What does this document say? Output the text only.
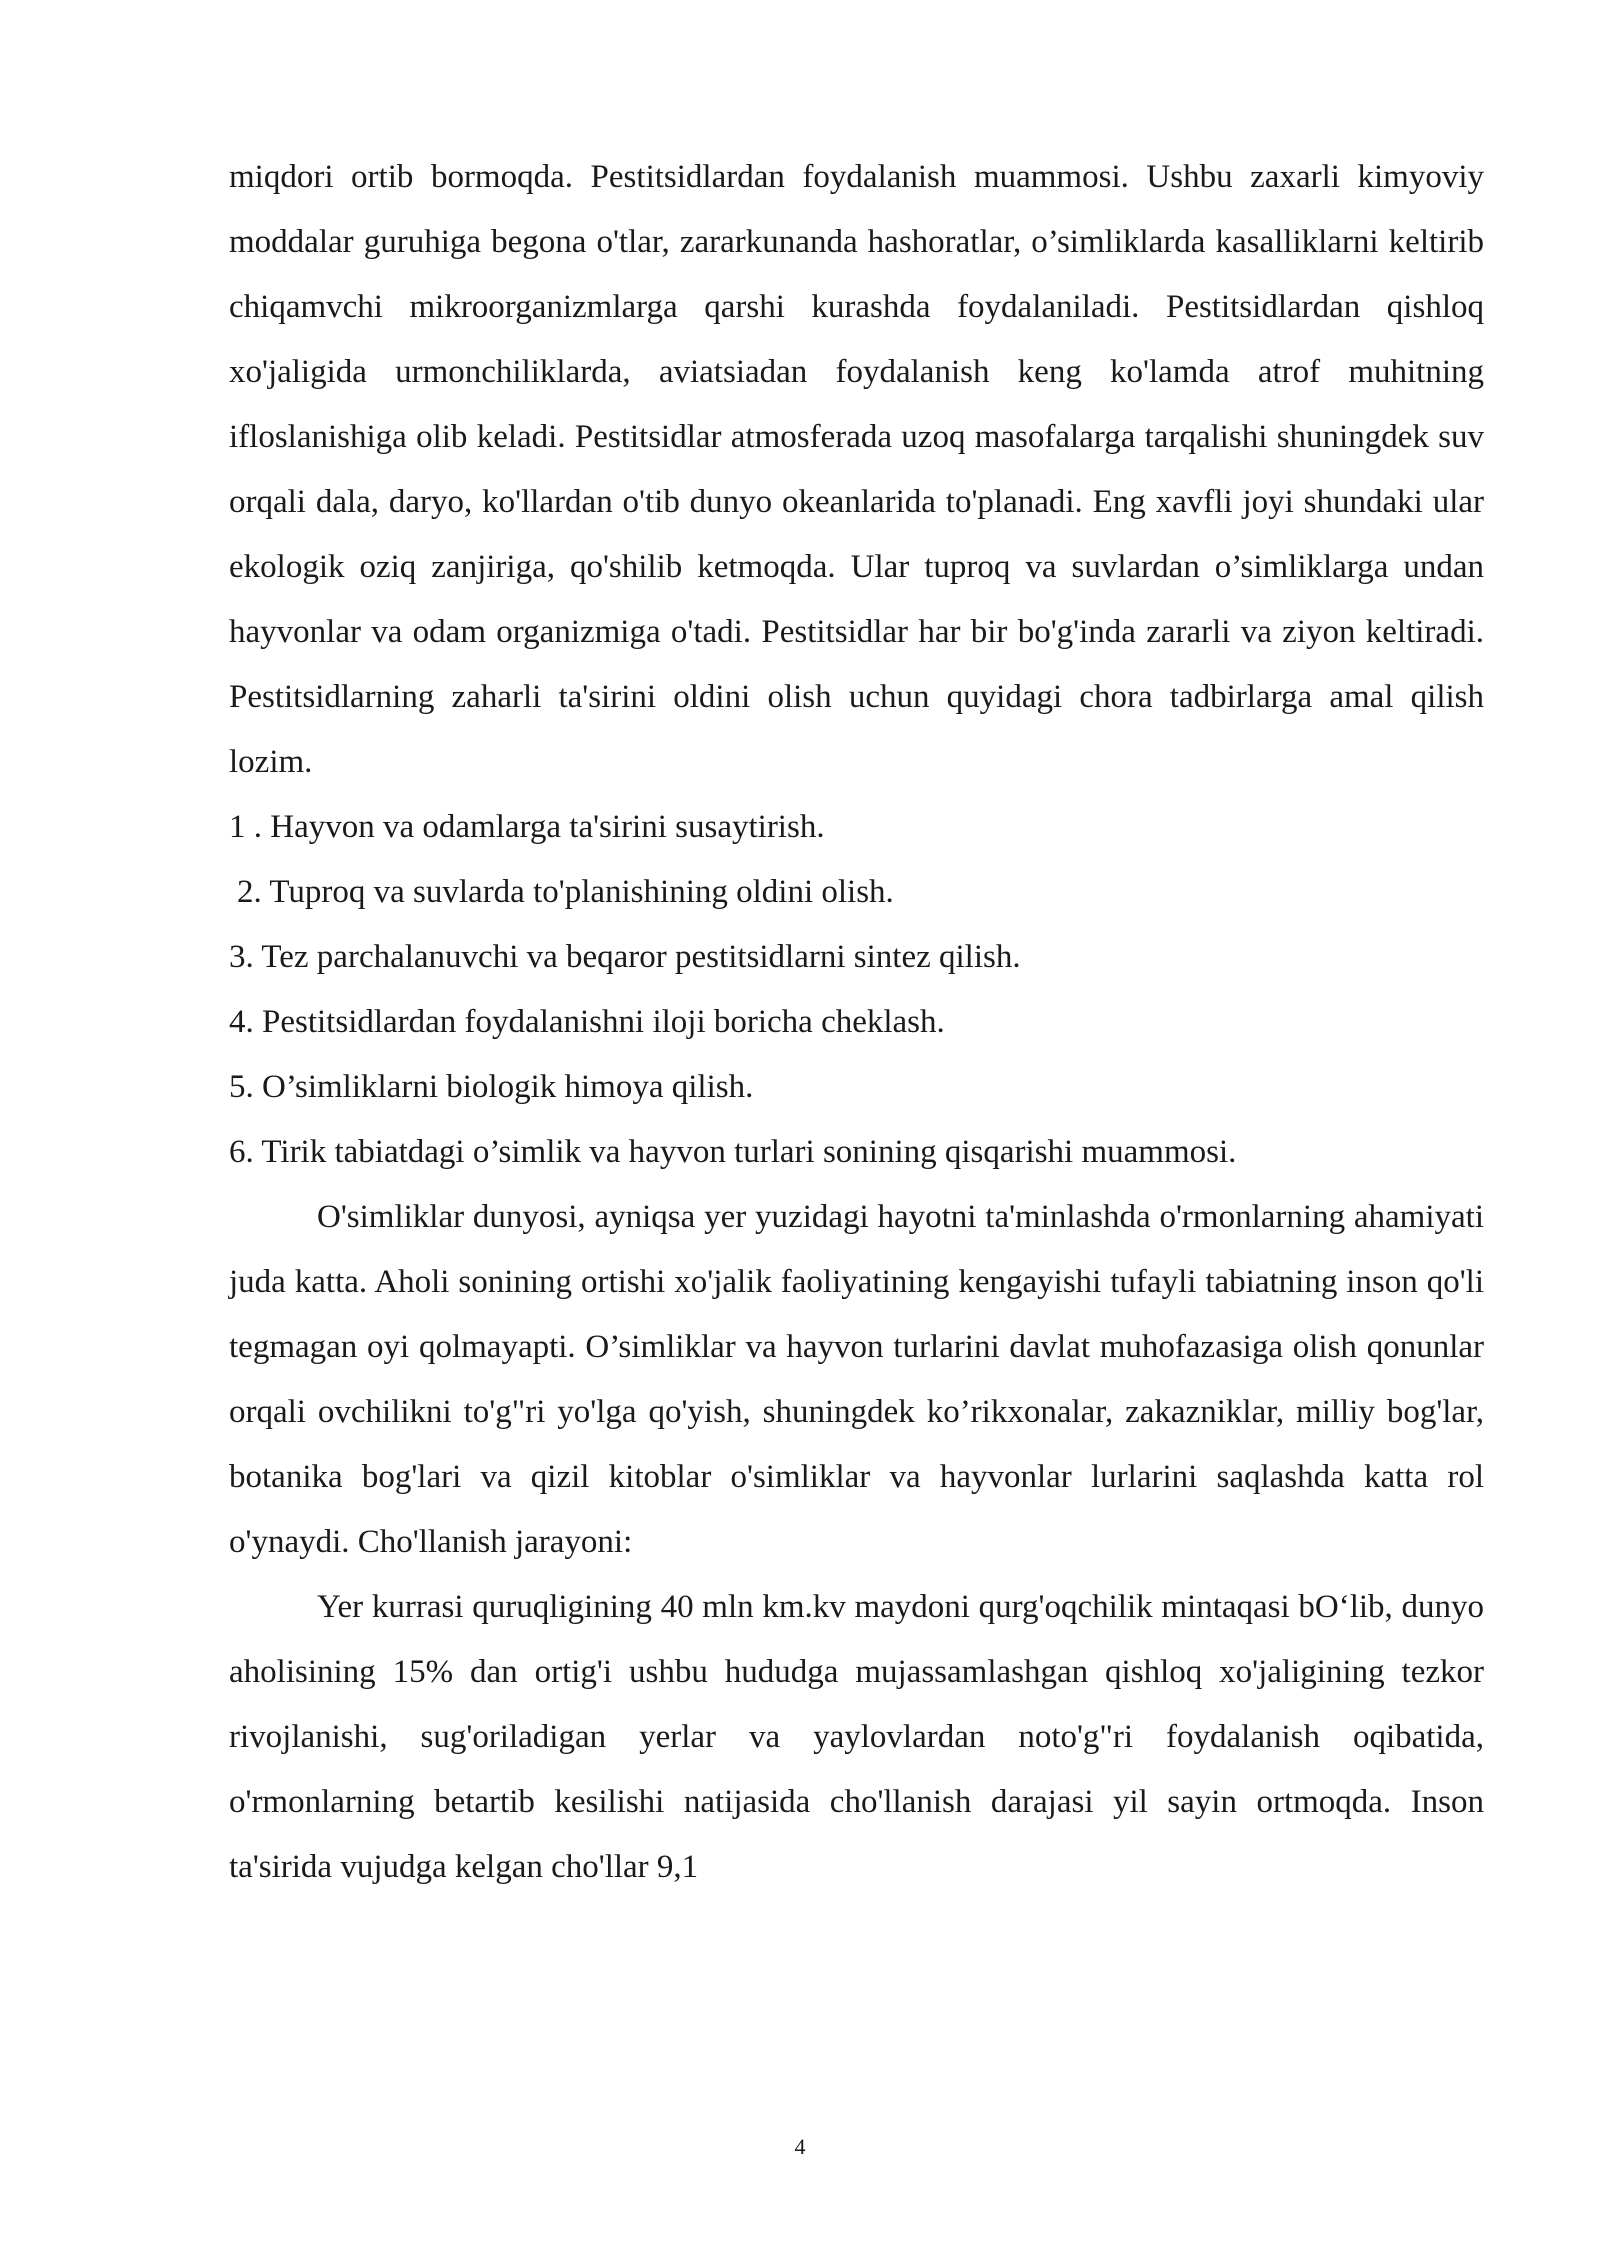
miqdori ortib bormoqda. Pestitsidlardan foydalanish muammosi. Ushbu zaxarli kimyoviy moddalar guruhiga begona o'tlar, zararkunanda hashoratlar, o’simliklarda kasalliklarni keltirib chiqamvchi mikroorganizmlarga qarshi kurashda foydalaniladi. Pestitsidlardan qishloq xo'jaligida urmonchiliklarda, aviatsiadan foydalanish keng ko'lamda atrof muhitning ifloslanishiga olib keladi. Pestitsidlar atmosferada uzoq masofalarga tarqalishi shuningdek suv orqali dala, daryo, ko'llardan o'tib dunyo okeanlarida to'planadi. Eng xavfli joyi shundaki ular ekologik oziq zanjiriga, qo'shilib ketmoqda. Ular tuproq va suvlardan o’simliklarga undan hayvonlar va odam organizmiga o'tadi. Pestitsidlar har bir bo'g'inda zararli va ziyon keltiradi. Pestitsidlarning zaharli ta'sirini oldini olish uchun quyidagi chora tadbirlarga amal qilish lozim.

1 . Hayvon va odamlarga ta'sirini susaytirish.

2. Tuproq va suvlarda to'planishining oldini olish.

3. Tez parchalanuvchi va beqaror pestitsidlarni sintez qilish.

4. Pestitsidlardan foydalanishni iloji boricha cheklash.

5. O’simliklarni biologik himoya qilish.

6. Tirik tabiatdagi o’simlik va hayvon turlari sonining qisqarishi muammosi.

O'simliklar dunyosi, ayniqsa yer yuzidagi hayotni ta'minlashda o'rmonlarning ahamiyati juda katta. Aholi sonining ortishi xo'jalik faoliyatining kengayishi tufayli tabiatning inson qo'li tegmagan oyi qolmayapti. O’simliklar va hayvon turlarini davlat muhofazasiga olish qonunlar orqali ovchilikni to'g"ri yo'lga qo'yish, shuningdek ko’rikxonalar, zakazniklar, milliy bog'lar, botanika bog'lari va qizil kitoblar o'simliklar va hayvonlar lurlarini saqlashda katta rol o'ynaydi. Cho'llanish jarayoni:

Yer kurrasi quruqligining 40 mln km.kv maydoni qurg'oqchilik mintaqasi bO‘lib, dunyo aholisining 15% dan ortig'i ushbu hududga mujassamlashgan qishloq xo'jaligining tezkor rivojlanishi, sug'oriladigan yerlar va yaylovlardan noto'g"ri foydalanish oqibatida, o'rmonlarning betartib kesilishi natijasida cho'llanish darajasi yil sayin ortmoqda. Inson ta'sirida vujudga kelgan cho'llar 9,1

4
